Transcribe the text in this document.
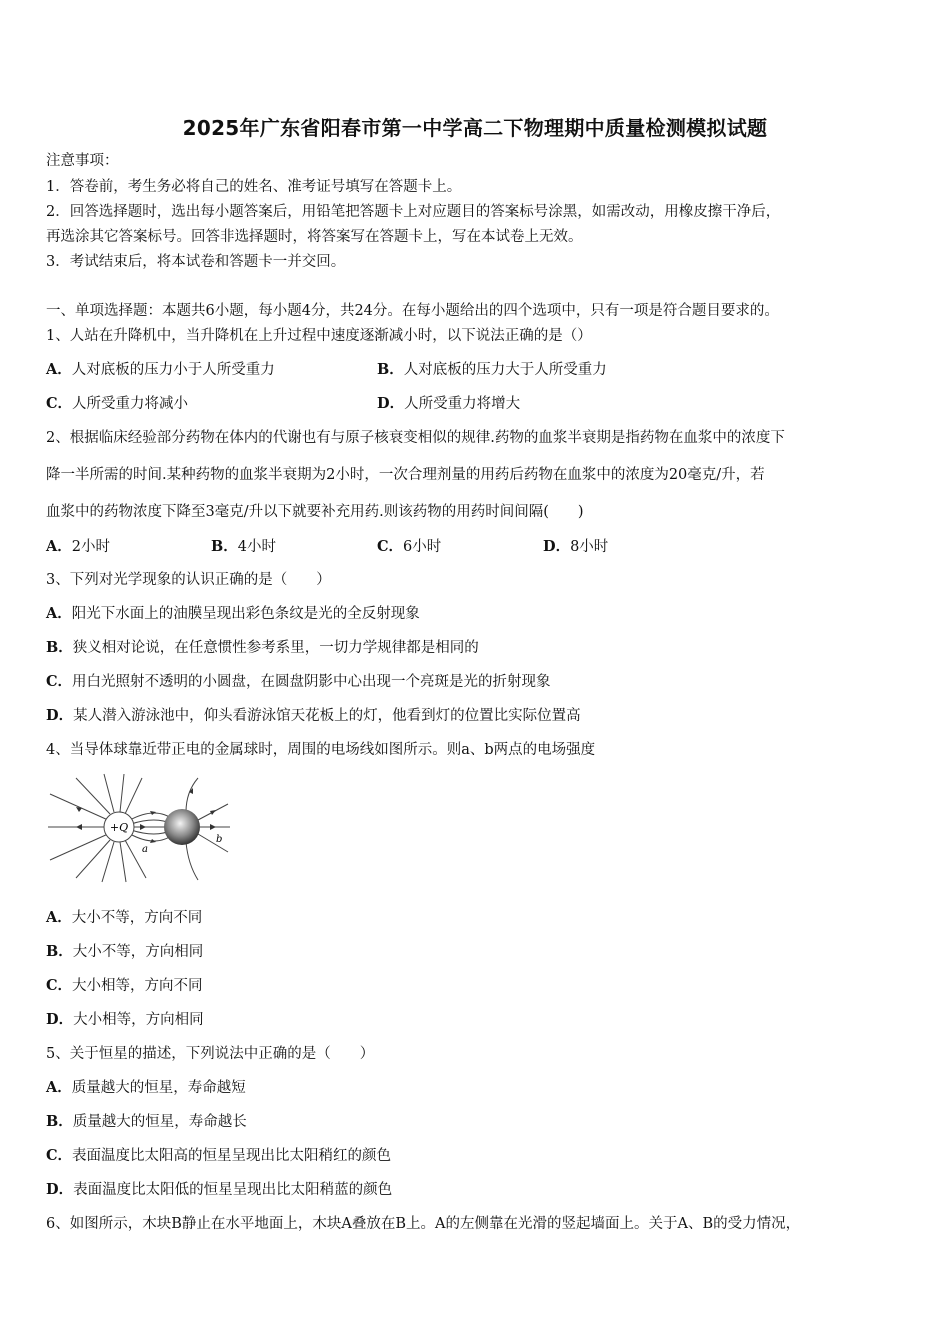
2025年广东省阳春市第一中学高二下物理期中质量检测模拟试题
注意事项：
1．答卷前，考生务必将自己的姓名、准考证号填写在答题卡上。
2．回答选择题时，选出每小题答案后，用铅笔把答题卡上对应题目的答案标号涂黑，如需改动，用橡皮擦干净后，
再选涂其它答案标号。回答非选择题时，将答案写在答题卡上，写在本试卷上无效。
3．考试结束后，将本试卷和答题卡一并交回。
一、单项选择题：本题共6小题，每小题4分，共24分。在每小题给出的四个选项中，只有一项是符合题目要求的。
1、人站在升降机中，当升降机在上升过程中速度逐渐减小时，以下说法正确的是（）
A．人对底板的压力小于人所受重力	B．人对底板的压力大于人所受重力
C．人所受重力将减小	D．人所受重力将增大
2、根据临床经验部分药物在体内的代谢也有与原子核衰变相似的规律.药物的血浆半衰期是指药物在血浆中的浓度下
降一半所需的时间.某种药物的血浆半衰期为2小时，一次合理剂量的用药后药物在血浆中的浓度为20毫克/升，若
血浆中的药物浓度下降至3毫克/升以下就要补充用药.则该药物的用药时间间隔(　　)
A．2小时	B．4小时	C．6小时	D．8小时
3、下列对光学现象的认识正确的是（　　）
A．阳光下水面上的油膜呈现出彩色条纹是光的全反射现象
B．狭义相对论说，在任意惯性参考系里，一切力学规律都是相同的
C．用白光照射不透明的小圆盘，在圆盘阴影中心出现一个亮斑是光的折射现象
D．某人潜入游泳池中，仰头看游泳馆天花板上的灯，他看到灯的位置比实际位置高
4、当导体球靠近带正电的金属球时，周围的电场线如图所示。则a、b两点的电场强度
+Q
a
b
A．大小不等，方向不同
B．大小不等，方向相同
C．大小相等，方向不同
D．大小相等，方向相同
5、关于恒星的描述，下列说法中正确的是（　　）
A．质量越大的恒星，寿命越短
B．质量越大的恒星，寿命越长
C．表面温度比太阳高的恒星呈现出比太阳稍红的颜色
D．表面温度比太阳低的恒星呈现出比太阳稍蓝的颜色
6、如图所示，木块B静止在水平地面上，木块A叠放在B上。A的左侧靠在光滑的竖起墙面上。关于A、B的受力情况，
